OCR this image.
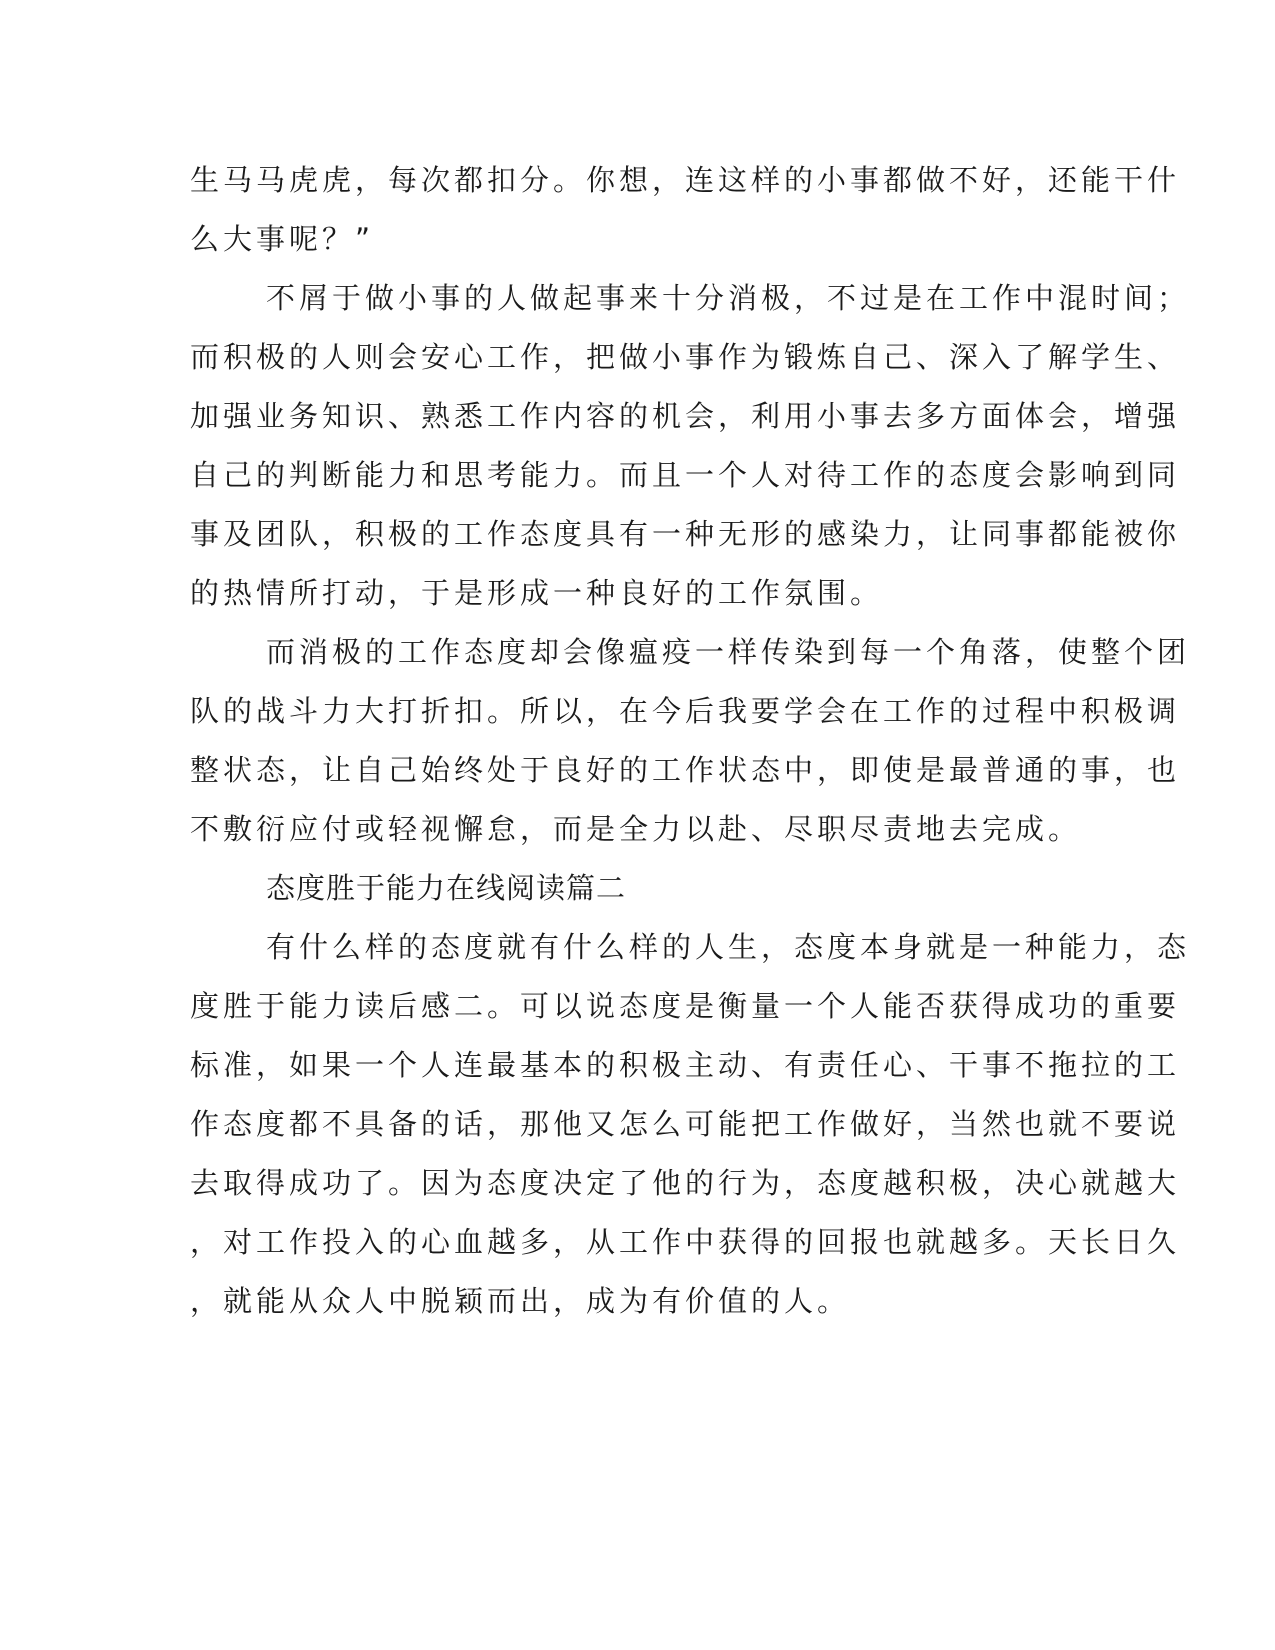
生马马虎虎，每次都扣分。你想，连这样的小事都做不好，还能干什
么大事呢？”
不屑于做小事的人做起事来十分消极，不过是在工作中混时间；
而积极的人则会安心工作，把做小事作为锻炼自己、深入了解学生、
加强业务知识、熟悉工作内容的机会，利用小事去多方面体会，增强
自己的判断能力和思考能力。而且一个人对待工作的态度会影响到同
事及团队，积极的工作态度具有一种无形的感染力，让同事都能被你
的热情所打动，于是形成一种良好的工作氛围。
而消极的工作态度却会像瘟疫一样传染到每一个角落，使整个团
队的战斗力大打折扣。所以，在今后我要学会在工作的过程中积极调
整状态，让自己始终处于良好的工作状态中，即使是最普通的事，也
不敷衍应付或轻视懈怠，而是全力以赴、尽职尽责地去完成。
态度胜于能力在线阅读篇二
有什么样的态度就有什么样的人生，态度本身就是一种能力，态
度胜于能力读后感二。可以说态度是衡量一个人能否获得成功的重要
标准，如果一个人连最基本的积极主动、有责任心、干事不拖拉的工
作态度都不具备的话，那他又怎么可能把工作做好，当然也就不要说
去取得成功了。因为态度决定了他的行为，态度越积极，决心就越大
，对工作投入的心血越多，从工作中获得的回报也就越多。天长日久
，就能从众人中脱颖而出，成为有价值的人。
